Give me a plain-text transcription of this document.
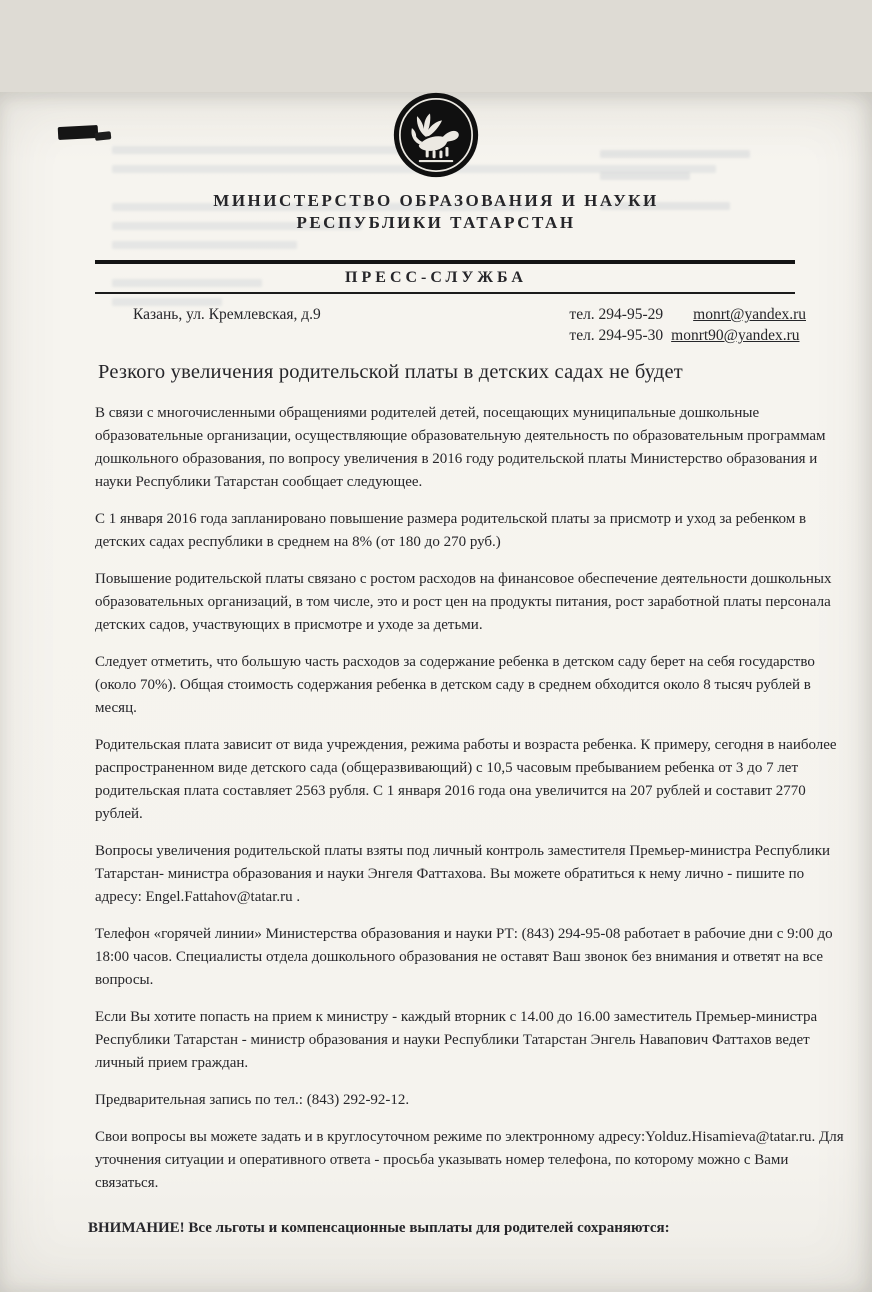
МИНИСТЕРСТВО ОБРАЗОВАНИЯ И НАУКИ
РЕСПУБЛИКИ ТАТАРСТАН
ПРЕСС-СЛУЖБА
Казань, ул. Кремлевская, д.9	тел. 294-95-29 monrt@yandex.ru
тел. 294-95-30 monrt90@yandex.ru
Резкого увеличения родительской платы в детских садах не будет

В связи с многочисленными обращениями родителей детей, посещающих муниципальные дошкольные образовательные организации, осуществляющие образовательную деятельность по образовательным программам дошкольного образования, по вопросу увеличения в 2016 году родительской платы Министерство образования и науки Республики Татарстан сообщает следующее.

С 1 января 2016 года запланировано повышение размера родительской платы за присмотр и уход за ребенком в детских садах республики в среднем на 8% (от 180 до 270 руб.)

Повышение родительской платы связано с ростом расходов на финансовое обеспечение деятельности дошкольных образовательных организаций, в том числе, это и рост цен на продукты питания, рост заработной платы персонала детских садов, участвующих в присмотре и уходе за детьми.

Следует отметить, что большую часть расходов за содержание ребенка в детском саду берет на себя государство (около 70%). Общая стоимость содержания ребенка в детском саду в среднем обходится около 8 тысяч рублей в месяц.

Родительская плата зависит от вида учреждения, режима работы и возраста ребенка. К примеру, сегодня в наиболее распространенном виде детского сада (общеразвивающий) с 10,5 часовым пребыванием ребенка от 3 до 7 лет родительская плата составляет 2563 рубля. С 1 января 2016 года она увеличится на 207 рублей и составит 2770 рублей.

Вопросы увеличения родительской платы взяты под личный контроль заместителя Премьер-министра Республики Татарстан- министра образования и науки Энгеля Фаттахова. Вы можете обратиться к нему лично - пишите по адресу: Engel.Fattahov@tatar.ru .

Телефон «горячей линии» Министерства образования и науки РТ: (843) 294-95-08 работает в рабочие дни с 9:00 до 18:00 часов. Специалисты отдела дошкольного образования не оставят Ваш звонок без внимания и ответят на все вопросы.

Если Вы хотите попасть на прием к министру - каждый вторник с 14.00 до 16.00 заместитель Премьер-министра Республики Татарстан - министр образования и науки Республики Татарстан Энгель Навапович Фаттахов ведет личный прием граждан.

Предварительная запись по тел.: (843) 292-92-12.

Свои вопросы вы можете задать и в круглосуточном режиме по электронному адресу:Yolduz.Hisamieva@tatar.ru. Для уточнения ситуации и оперативного ответа - просьба указывать номер телефона, по которому можно с Вами связаться.

ВНИМАНИЕ! Все льготы и компенсационные выплаты для родителей сохраняются:
